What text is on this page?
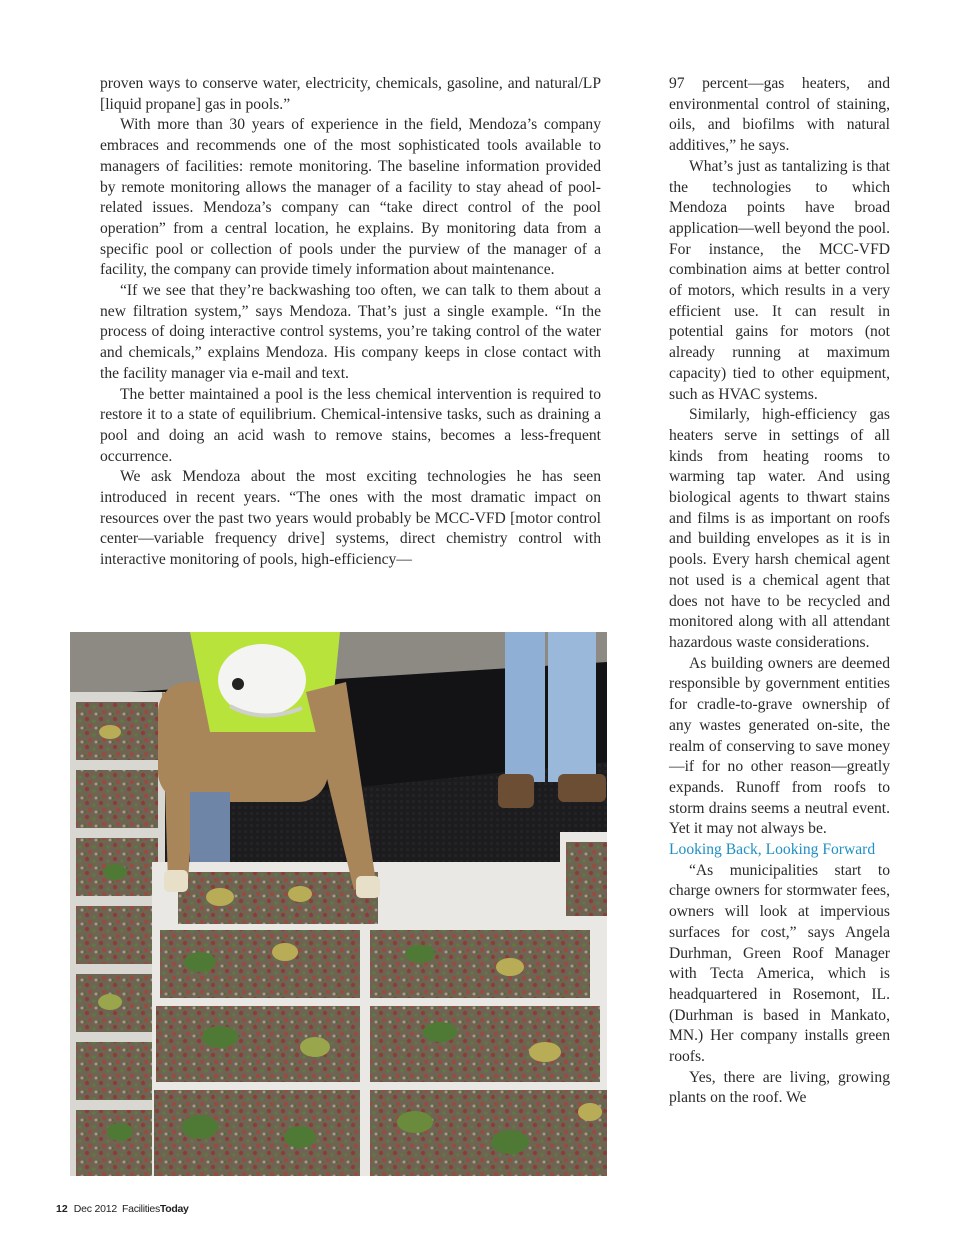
proven ways to conserve water, electricity, chemicals, gasoline, and natural/LP [liquid propane] gas in pools.”

With more than 30 years of experience in the field, Mendoza’s company embraces and recommends one of the most sophisticated tools available to managers of facilities: remote monitoring. The baseline information provided by remote monitoring allows the manager of a facility to stay ahead of pool-related issues. Mendoza’s company can “take direct control of the pool operation” from a central location, he explains. By monitoring data from a specific pool or collection of pools under the purview of the manager of a facility, the company can provide timely information about maintenance.

“If we see that they’re backwashing too often, we can talk to them about a new filtration system,” says Mendoza. That’s just a single example. “In the process of doing interactive control systems, you’re taking control of the water and chemicals,” explains Mendoza. His company keeps in close contact with the facility manager via e-mail and text.

The better maintained a pool is the less chemical intervention is required to restore it to a state of equilibrium. Chemical-intensive tasks, such as draining a pool and doing an acid wash to remove stains, becomes a less-frequent occurrence.

We ask Mendoza about the most exciting technologies he has seen introduced in recent years. “The ones with the most dramatic impact on resources over the past two years would probably be MCC-VFD [motor control center—variable frequency drive] systems, direct chemistry control with interactive monitoring of pools, high-efficiency—

97 percent—gas heaters, and environmental control of staining, oils, and biofilms with natural additives,” he says.

What’s just as tantalizing is that the technologies to which Mendoza points have broad application—well beyond the pool. For instance, the MCC-VFD combination aims at better control of motors, which results in a very efficient use. It can result in potential gains for motors (not already running at maximum capacity) tied to other equipment, such as HVAC systems.

Similarly, high-efficiency gas heaters serve in settings of all kinds from heating rooms to warming tap water. And using biological agents to thwart stains and films is as important on roofs and building envelopes as it is in pools. Every harsh chemical agent not used is a chemical agent that does not have to be recycled and monitored along with all attendant hazardous waste considerations.

As building owners are deemed responsible by government entities for cradle-to-grave ownership of any wastes generated on-site, the realm of conserving to save money—if for no other reason—greatly expands. Runoff from roofs to storm drains seems a neutral event. Yet it may not always be.

Looking Back, Looking Forward

“As municipalities start to charge owners for stormwater fees, owners will look at impervious surfaces for cost,” says Angela Durhman, Green Roof Manager with Tecta America, which is headquartered in Rosemont, IL. (Durhman is based in Mankato, MN.) Her company installs green roofs.

Yes, there are living, growing plants on the roof. We

12 Dec 2012 FacilitiesToday
